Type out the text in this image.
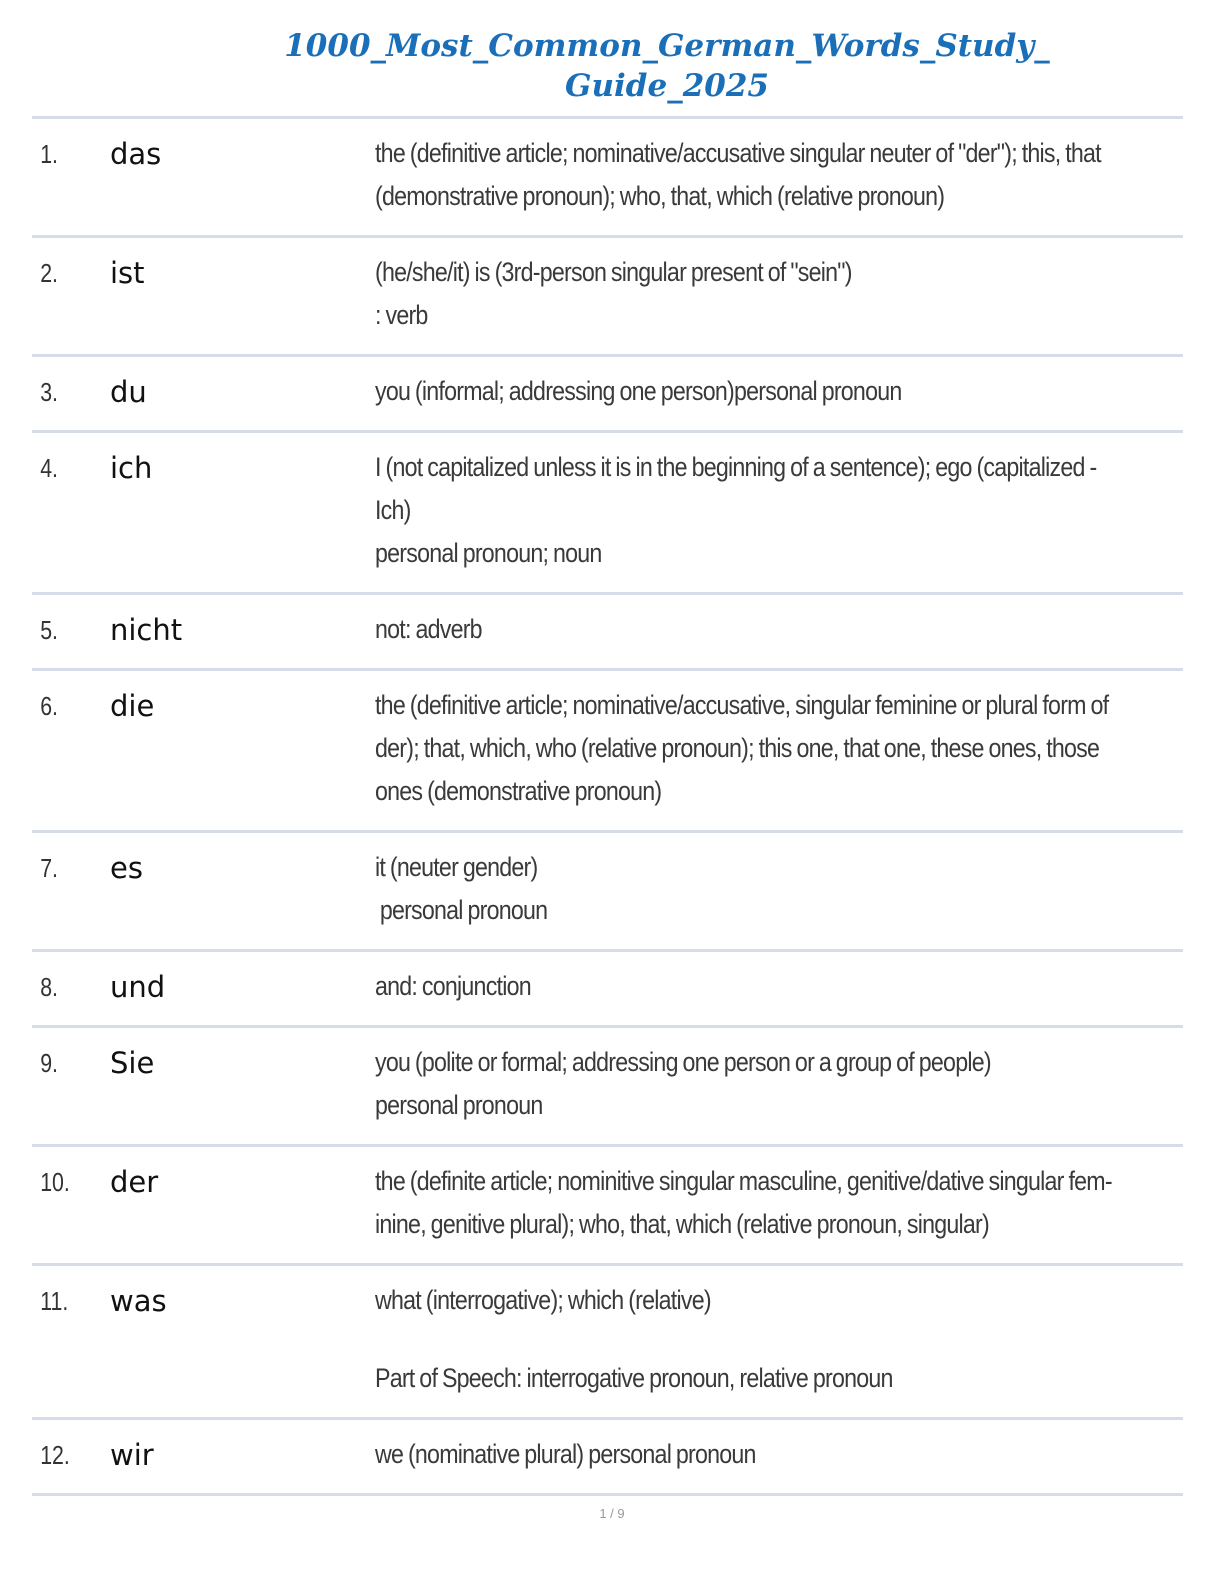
1000_Most_Common_German_Words_Study_
Guide_2025
1.	das	the (definitive article; nominative/accusative singular neuter of "der"); this, that
(demonstrative pronoun); who, that, which (relative pronoun)
2.	ist	(he/she/it) is (3rd-person singular present of "sein")
: verb
3.	du	you (informal; addressing one person)personal pronoun
4.	ich	I (not capitalized unless it is in the beginning of a sentence); ego (capitalized -
Ich)
personal pronoun; noun
5.	nicht	not: adverb
6.	die	the (definitive article; nominative/accusative, singular feminine or plural form of
der); that, which, who (relative pronoun); this one, that one, these ones, those
ones (demonstrative pronoun)
7.	es	it (neuter gender)
personal pronoun
8.	und	and: conjunction
9.	Sie	you (polite or formal; addressing one person or a group of people)
personal pronoun
10.	der	the (definite article; nominitive singular masculine, genitive/dative singular fem-
inine, genitive plural); who, that, which (relative pronoun, singular)
11.	was	what (interrogative); which (relative)
Part of Speech: interrogative pronoun, relative pronoun
12.	wir	we (nominative plural) personal pronoun
1 / 9
